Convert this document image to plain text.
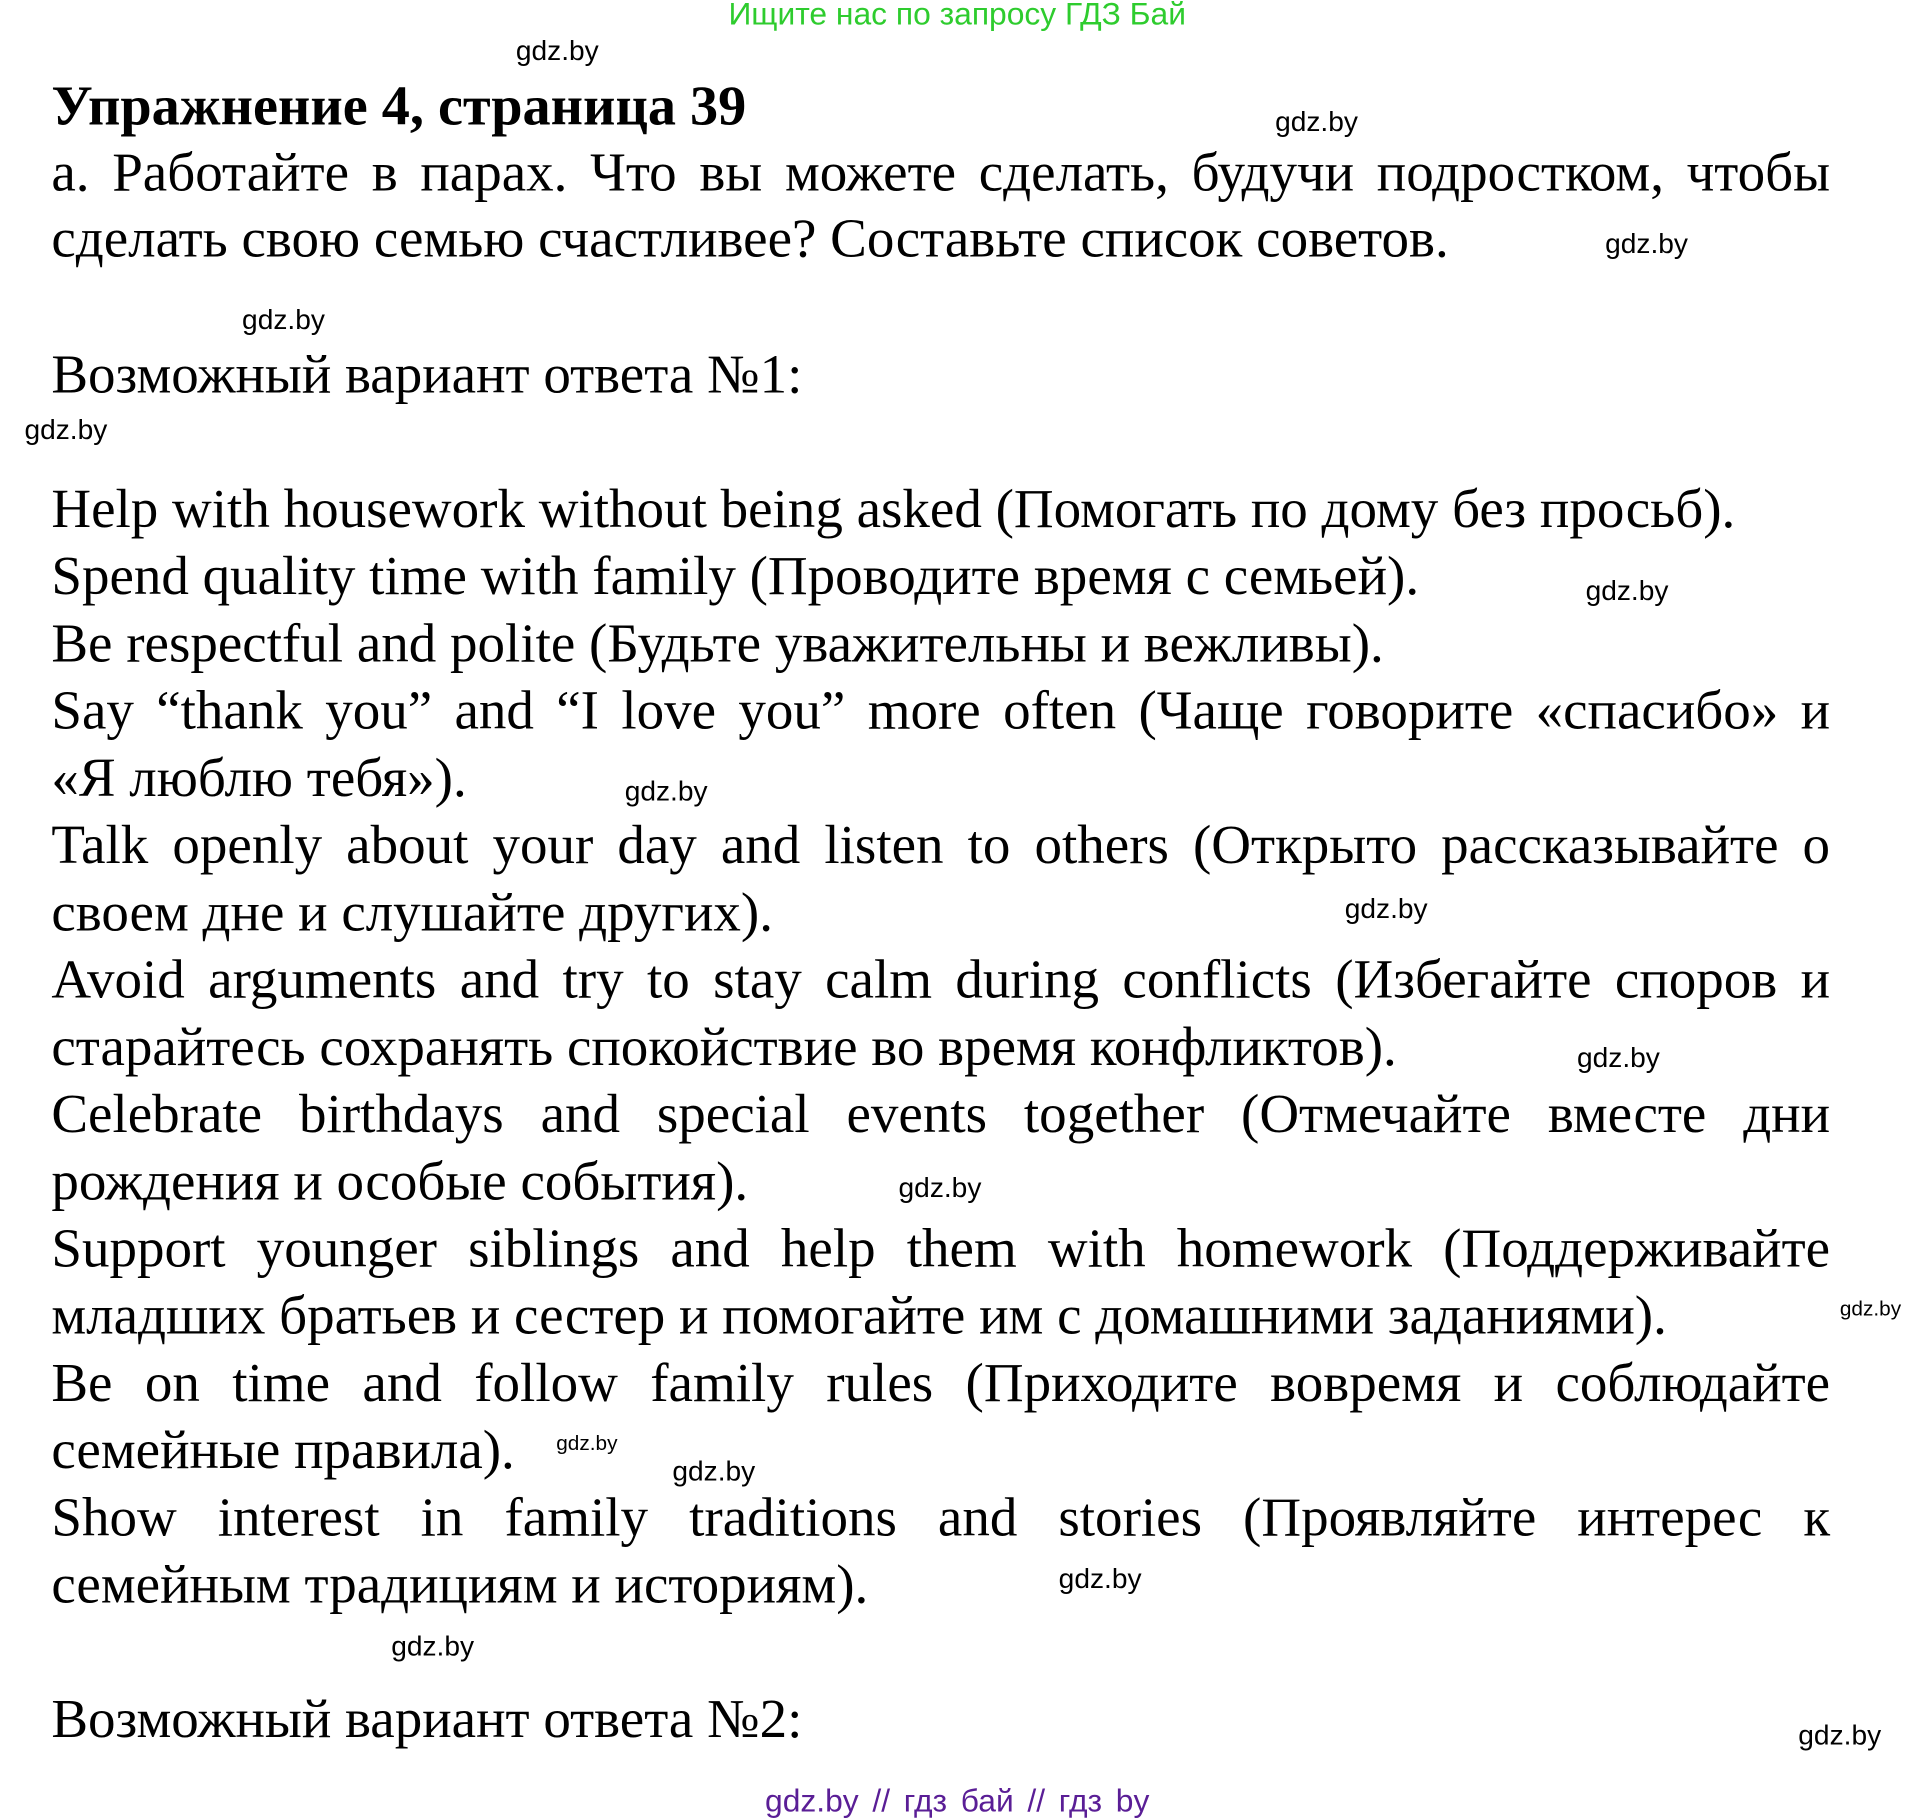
Ищите нас по запросу ГДЗ Бай
Упражнение 4, страница 39
а. Работайте в парах. Что вы можете сделать, будучи подростком, чтобы
сделать свою семью счастливее? Составьте список советов.
Возможный вариант ответа №1:
Help with housework without being asked (Помогать по дому без просьб).
Spend quality time with family (Проводите время с семьей).
Be respectful and polite (Будьте уважительны и вежливы).
Say “thank you” and “I love you” more often (Чаще говорите «спасибо» и
«Я люблю тебя»).
Talk openly about your day and listen to others (Открыто рассказывайте о
своем дне и слушайте других).
Avoid arguments and try to stay calm during conflicts (Избегайте споров и
старайтесь сохранять спокойствие во время конфликтов).
Celebrate birthdays and special events together (Отмечайте вместе дни
рождения и особые события).
Support younger siblings and help them with homework (Поддерживайте
младших братьев и сестер и помогайте им с домашними заданиями).
Be on time and follow family rules (Приходите вовремя и соблюдайте
семейные правила).
Show interest in family traditions and stories (Проявляйте интерес к
семейным традициям и историям).
Возможный вариант ответа №2:
gdz.by
gdz.by
gdz.by
gdz.by
gdz.by
gdz.by
gdz.by
gdz.by
gdz.by
gdz.by
gdz.by
gdz.by
gdz.by
gdz.by
gdz.by
gdz.by
gdz.by // гдз бай // гдз by
